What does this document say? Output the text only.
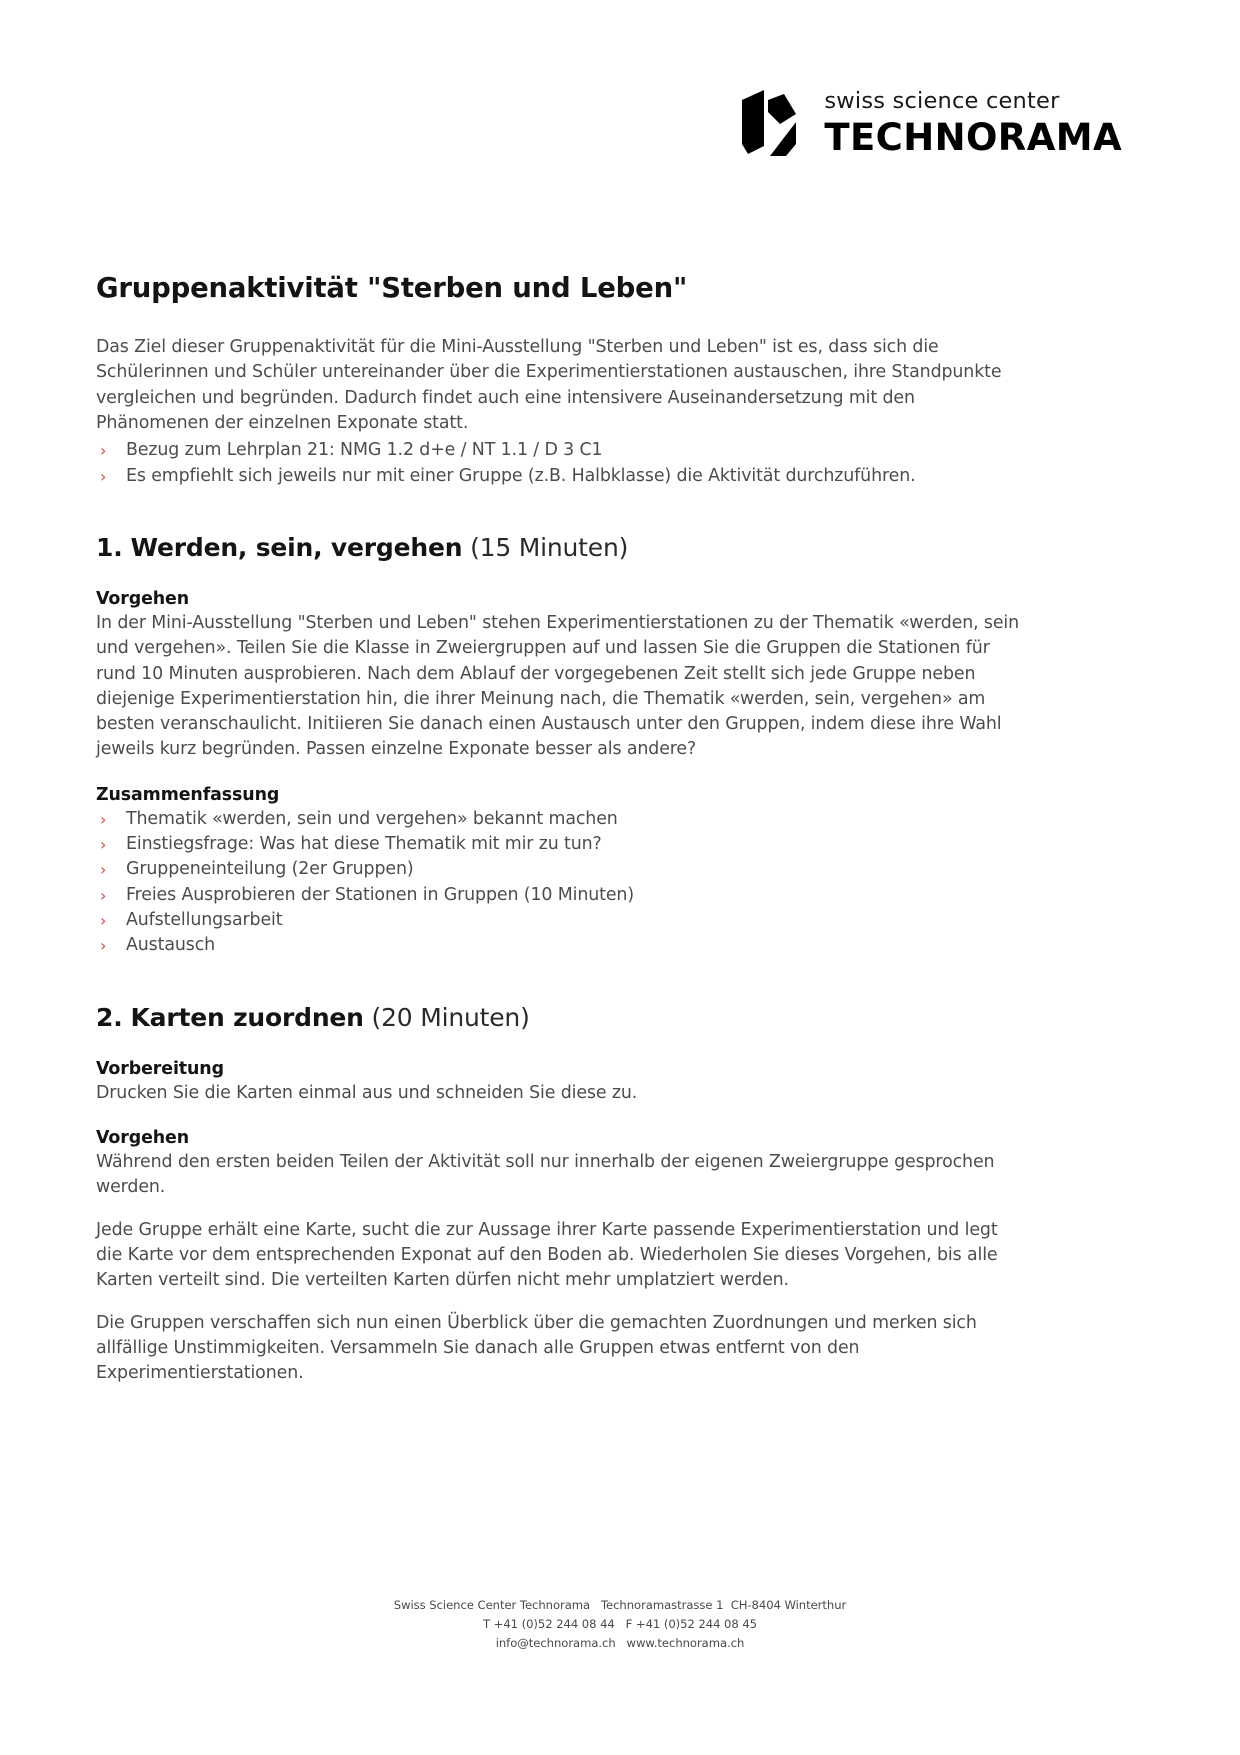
swiss science center
TECHNORAMA
Gruppenaktivität "Sterben und Leben"

Das Ziel dieser Gruppenaktivität für die Mini-Ausstellung "Sterben und Leben" ist es, dass sich die Schülerinnen und Schüler untereinander über die Experimentierstationen austauschen, ihre Standpunkte vergleichen und begründen. Dadurch findet auch eine intensivere Auseinandersetzung mit den Phänomenen der einzelnen Exponate statt.

› Bezug zum Lehrplan 21: NMG 1.2 d+e / NT 1.1 / D 3 C1
› Es empfiehlt sich jeweils nur mit einer Gruppe (z.B. Halbklasse) die Aktivität durchzuführen.
1. Werden, sein, vergehen (15 Minuten)
Vorgehen

In der Mini-Ausstellung "Sterben und Leben" stehen Experimentierstationen zu der Thematik «werden, sein und vergehen». Teilen Sie die Klasse in Zweiergruppen auf und lassen Sie die Gruppen die Stationen für rund 10 Minuten ausprobieren. Nach dem Ablauf der vorgegebenen Zeit stellt sich jede Gruppe neben diejenige Experimentierstation hin, die ihrer Meinung nach, die Thematik «werden, sein, vergehen» am besten veranschaulicht. Initiieren Sie danach einen Austausch unter den Gruppen, indem diese ihre Wahl jeweils kurz begründen. Passen einzelne Exponate besser als andere?

Zusammenfassung
› Thematik «werden, sein und vergehen» bekannt machen
› Einstiegsfrage: Was hat diese Thematik mit mir zu tun?
› Gruppeneinteilung (2er Gruppen)
› Freies Ausprobieren der Stationen in Gruppen (10 Minuten)
› Aufstellungsarbeit
› Austausch
2. Karten zuordnen (20 Minuten)
Vorbereitung

Drucken Sie die Karten einmal aus und schneiden Sie diese zu.

Vorgehen

Während den ersten beiden Teilen der Aktivität soll nur innerhalb der eigenen Zweiergruppe gesprochen werden.

Jede Gruppe erhält eine Karte, sucht die zur Aussage ihrer Karte passende Experimentierstation und legt die Karte vor dem entsprechenden Exponat auf den Boden ab. Wiederholen Sie dieses Vorgehen, bis alle Karten verteilt sind. Die verteilten Karten dürfen nicht mehr umplatziert werden.

Die Gruppen verschaffen sich nun einen Überblick über die gemachten Zuordnungen und merken sich allfällige Unstimmigkeiten. Versammeln Sie danach alle Gruppen etwas entfernt von den Experimentierstationen.

Swiss Science Center Technorama   Technoramastrasse 1  CH-8404 Winterthur
T +41 (0)52 244 08 44   F +41 (0)52 244 08 45
info@technorama.ch   www.technorama.ch
